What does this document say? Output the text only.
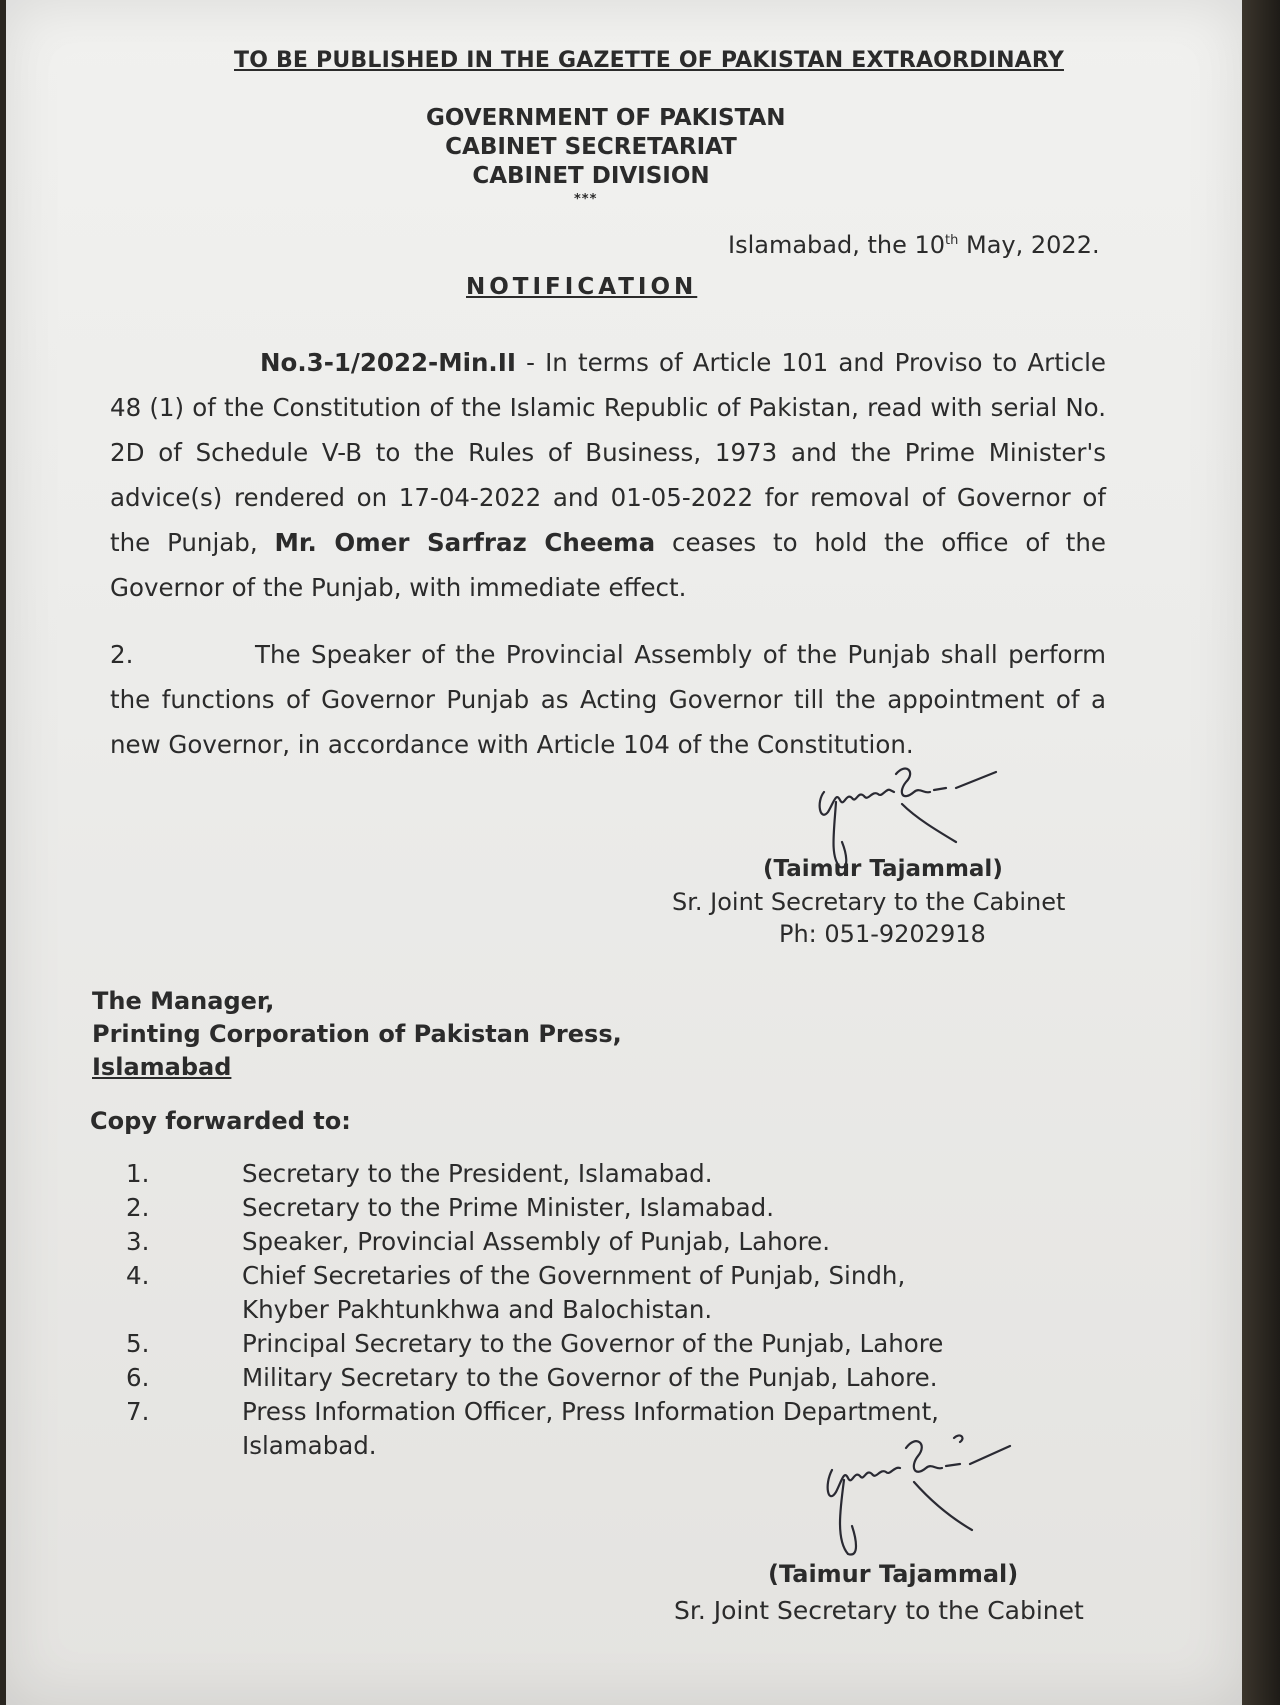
TO BE PUBLISHED IN THE GAZETTE OF PAKISTAN EXTRAORDINARY
GOVERNMENT OF PAKISTAN
CABINET SECRETARIAT
CABINET DIVISION
***
Islamabad, the 10th May, 2022.
NOTIFICATION
No.3-1/2022-Min.II - In terms of Article 101 and Proviso to Article 48 (1) of the Constitution of the Islamic Republic of Pakistan, read with serial No. 2D of Schedule V-B to the Rules of Business, 1973 and the Prime Minister's advice(s) rendered on 17-04-2022 and 01-05-2022 for removal of Governor of the Punjab, Mr. Omer Sarfraz Cheema ceases to hold the office of the Governor of the Punjab, with immediate effect.
2.	The Speaker of the Provincial Assembly of the Punjab shall perform the functions of Governor Punjab as Acting Governor till the appointment of a new Governor, in accordance with Article 104 of the Constitution.
(Taimur Tajammal)
Sr. Joint Secretary to the Cabinet
Ph: 051-9202918
The Manager,
Printing Corporation of Pakistan Press,
Islamabad
Copy forwarded to:
1.	Secretary to the President, Islamabad.
2.	Secretary to the Prime Minister, Islamabad.
3.	Speaker, Provincial Assembly of Punjab, Lahore.
4.	Chief Secretaries of the Government of Punjab, Sindh, Khyber Pakhtunkhwa and Balochistan.
5.	Principal Secretary to the Governor of the Punjab, Lahore
6.	Military Secretary to the Governor of the Punjab, Lahore.
7.	Press Information Officer, Press Information Department, Islamabad.
(Taimur Tajammal)
Sr. Joint Secretary to the Cabinet
